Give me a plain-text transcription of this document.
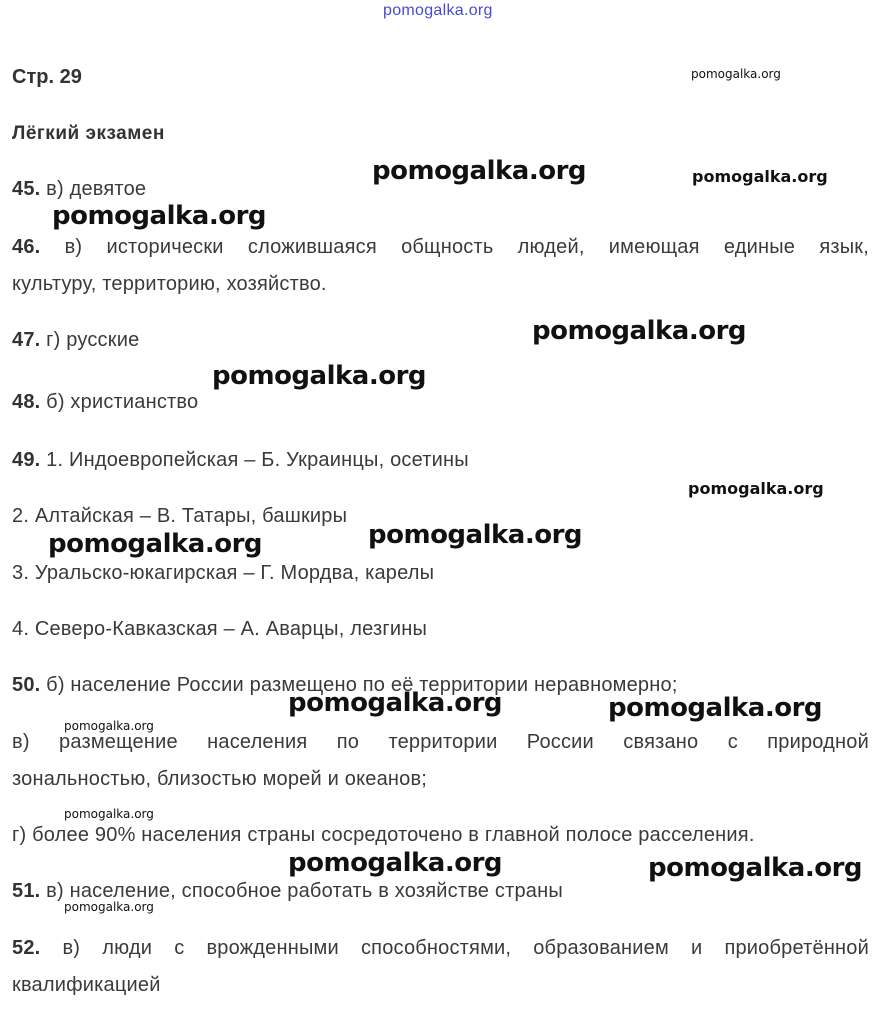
pomogalka.org
Стр. 29
Лёгкий экзамен
45. в) девятое
46. в) исторически сложившаяся общность людей, имеющая единые язык,
культуру, территорию, хозяйство.
47. г) русские
48. б) христианство
49. 1. Индоевропейская – Б. Украинцы, осетины
2. Алтайская – В. Татары, башкиры
3. Уральско-юкагирская – Г. Мордва, карелы
4. Северо-Кавказская – А. Аварцы, лезгины
50. б) население России размещено по её территории неравномерно;
в) размещение населения по территории России связано с природной
зональностью, близостью морей и океанов;
г) более 90% населения страны сосредоточено в главной полосе расселения.
51. в) население, способное работать в хозяйстве страны
52. в) люди с врожденными способностями, образованием и приобретённой
квалификацией
pomogalka.org
pomogalka.org	pomogalka.org
pomogalka.org
pomogalka.org
pomogalka.org
pomogalka.org
pomogalka.org
pomogalka.org
pomogalka.org	pomogalka.org
pomogalka.org
pomogalka.org
pomogalka.org	pomogalka.org
pomogalka.org
